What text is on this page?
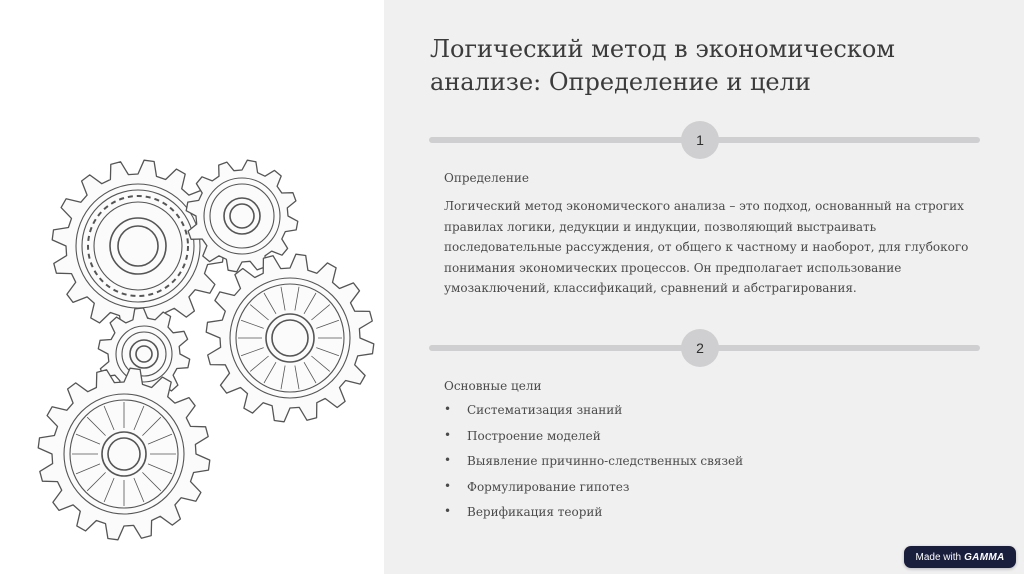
Логический метод в экономическом анализе: Определение и цели
1
Определение

Логический метод экономического анализа – это подход, основанный на строгих правилах логики, дедукции и индукции, позволяющий выстраивать последовательные рассуждения, от общего к частному и наоборот, для глубокого понимания экономических процессов. Он предполагает использование умозаключений, классификаций, сравнений и абстрагирования.

2
Основные цели
• Систематизация знаний
• Построение моделей
• Выявление причинно-следственных связей
• Формулирование гипотез
• Верификация теорий
Made with GAMMA
